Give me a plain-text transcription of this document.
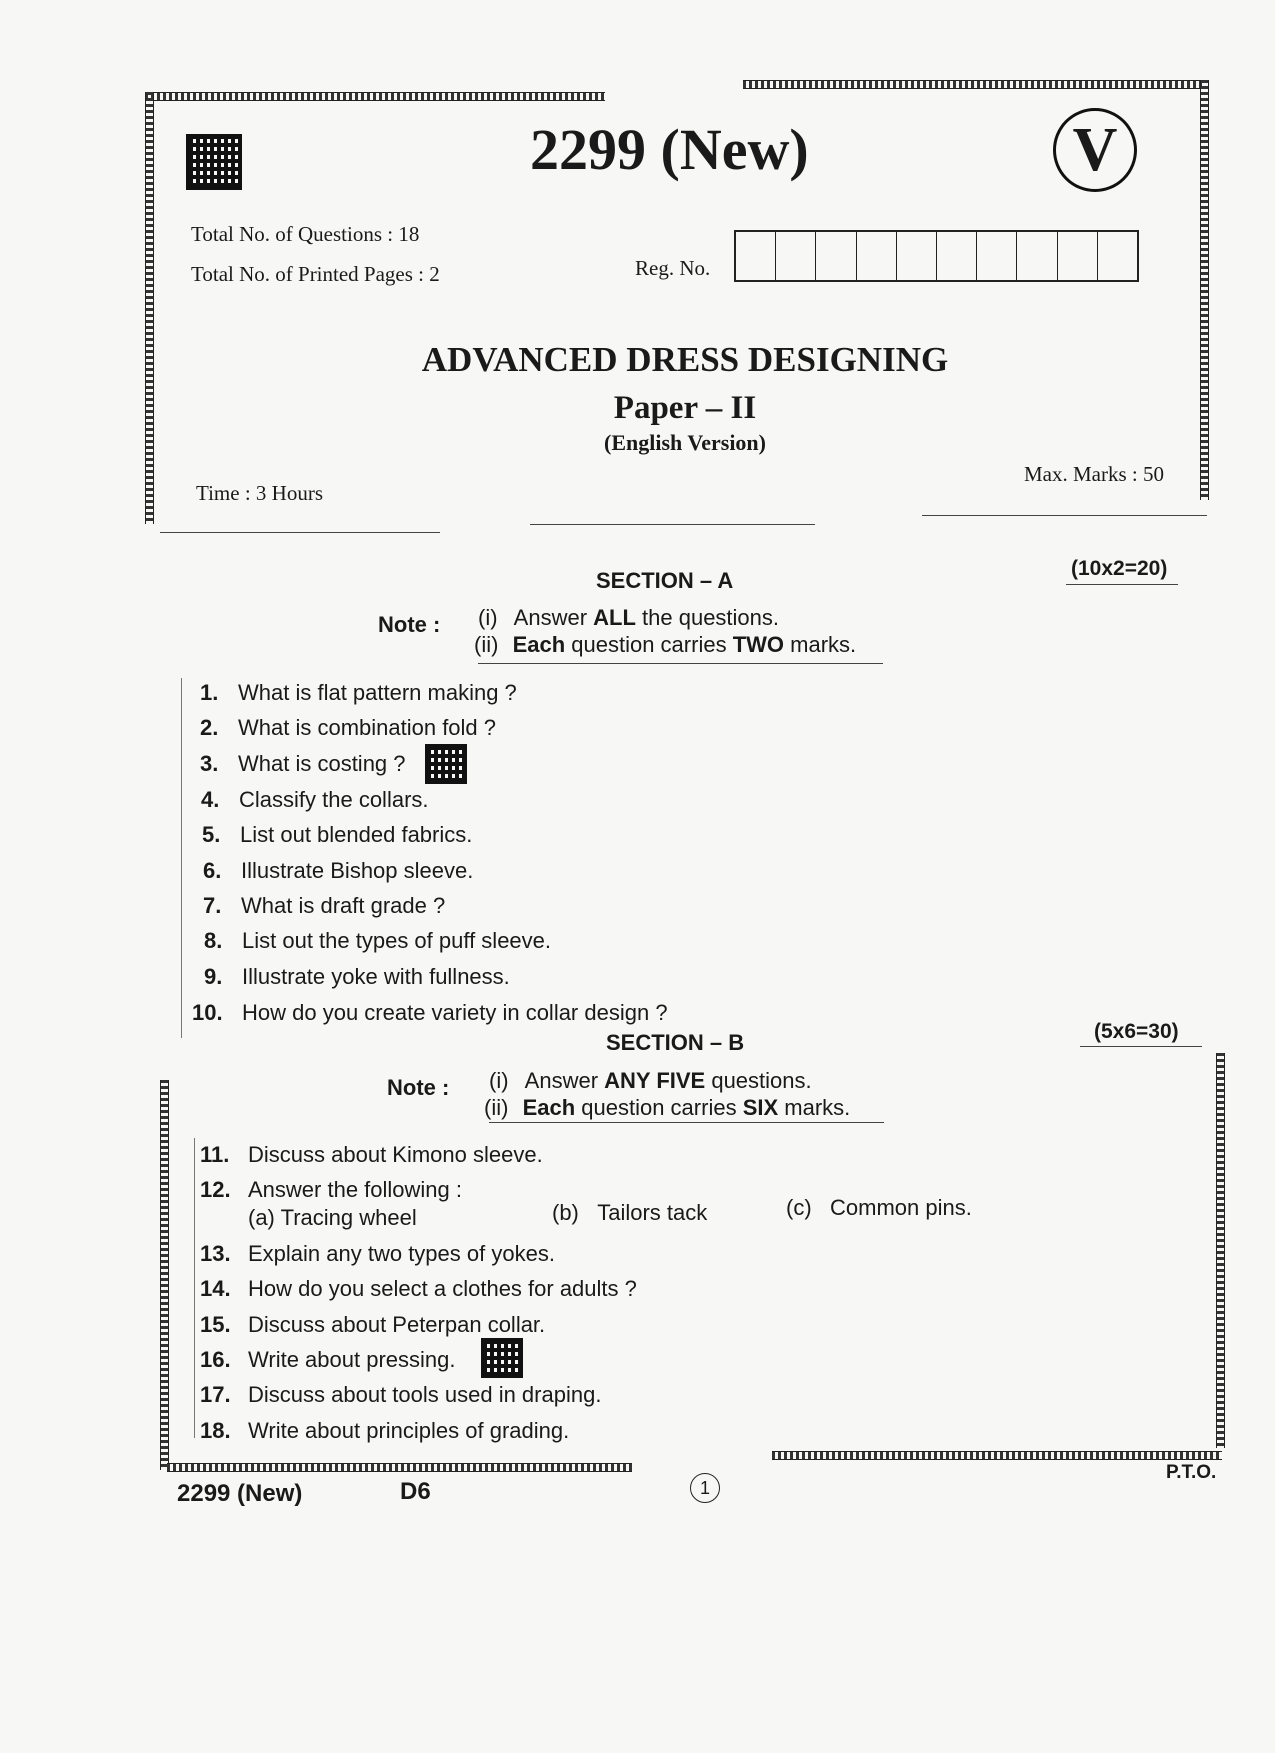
2299 (New)	V
Total No. of Questions : 18
Total No. of Printed Pages : 2	Reg. No.
ADVANCED DRESS DESIGNING
Paper – II
(English Version)
Time : 3 Hours
Max. Marks : 50
SECTION – A	(10x2=20)
Note : (i) Answer ALL the questions.
(ii) Each question carries TWO marks.
1. What is flat pattern making ?
2. What is combination fold ?
3. What is costing ?
4. Classify the collars.
5. List out blended fabrics.
6. Illustrate Bishop sleeve.
7. What is draft grade ?
8. List out the types of puff sleeve.
9. Illustrate yoke with fullness.
10. How do you create variety in collar design ?
SECTION – B	(5x6=30)
Note : (i) Answer ANY FIVE questions.
(ii) Each question carries SIX marks.
11. Discuss about Kimono sleeve.
12. Answer the following :
(a) Tracing wheel	(b) Tailors tack	(c) Common pins.
13. Explain any two types of yokes.
14. How do you select a clothes for adults ?
15. Discuss about Peterpan collar.
16. Write about pressing.
17. Discuss about tools used in draping.
18. Write about principles of grading.
2299 (New)	D6	1
P.T.O.
